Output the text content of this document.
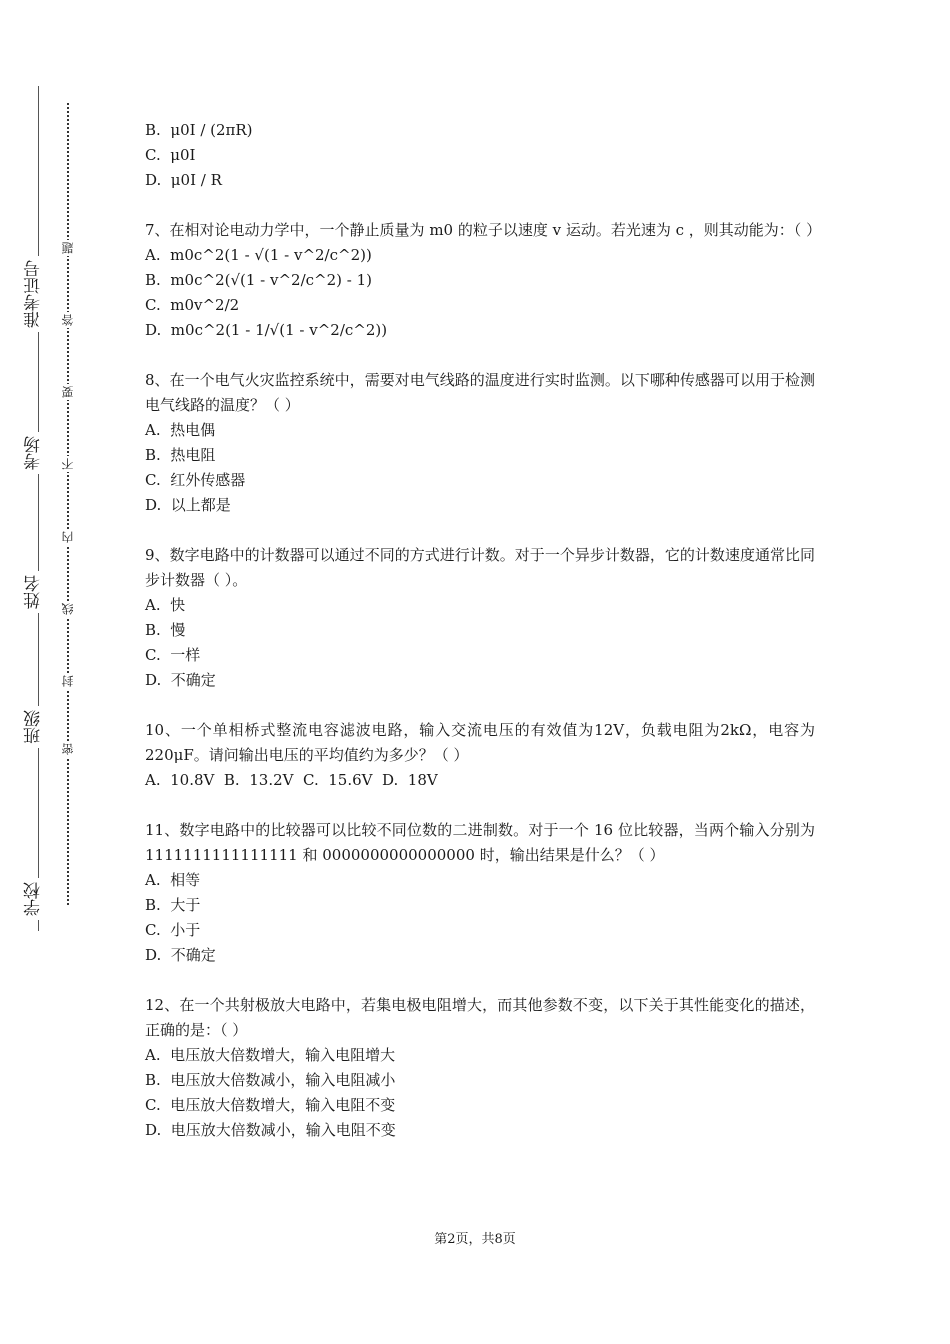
学校
班级
姓名
考场
准考证号
密
封
线
内
不
要
答
题

B.  μ0I / (2πR)

C.  μ0I

D.  μ0I / R

7、在相对论电动力学中，一个静止质量为 m0 的粒子以速度 v 运动。若光速为 c ，则其动能为：（ ）

A.  m0c^2(1 - √(1 - v^2/c^2))

B.  m0c^2(√(1 - v^2/c^2) - 1)

C.  m0v^2/2

D.  m0c^2(1 - 1/√(1 - v^2/c^2))

8、在一个电气火灾监控系统中，需要对电气线路的温度进行实时监测。以下哪种传感器可以用于检测电气线路的温度？（ ）

A.  热电偶

B.  热电阻

C.  红外传感器

D.  以上都是

9、数字电路中的计数器可以通过不同的方式进行计数。对于一个异步计数器，它的计数速度通常比同步计数器（ ）。

A.  快

B.  慢

C.  一样

D.  不确定

10、一个单相桥式整流电容滤波电路，输入交流电压的有效值为12V，负载电阻为2kΩ，电容为220μF。请问输出电压的平均值约为多少？（ ）

A.  10.8V  B.  13.2V  C.  15.6V  D.  18V

11、数字电路中的比较器可以比较不同位数的二进制数。对于一个 16 位比较器，当两个输入分别为 1111111111111111 和 0000000000000000 时，输出结果是什么？（ ）

A.  相等

B.  大于

C.  小于

D.  不确定

12、在一个共射极放大电路中，若集电极电阻增大，而其他参数不变，以下关于其性能变化的描述，正确的是：（ ）

A.  电压放大倍数增大，输入电阻增大

B.  电压放大倍数减小，输入电阻减小

C.  电压放大倍数增大，输入电阻不变

D.  电压放大倍数减小，输入电阻不变

第2页，共8页
